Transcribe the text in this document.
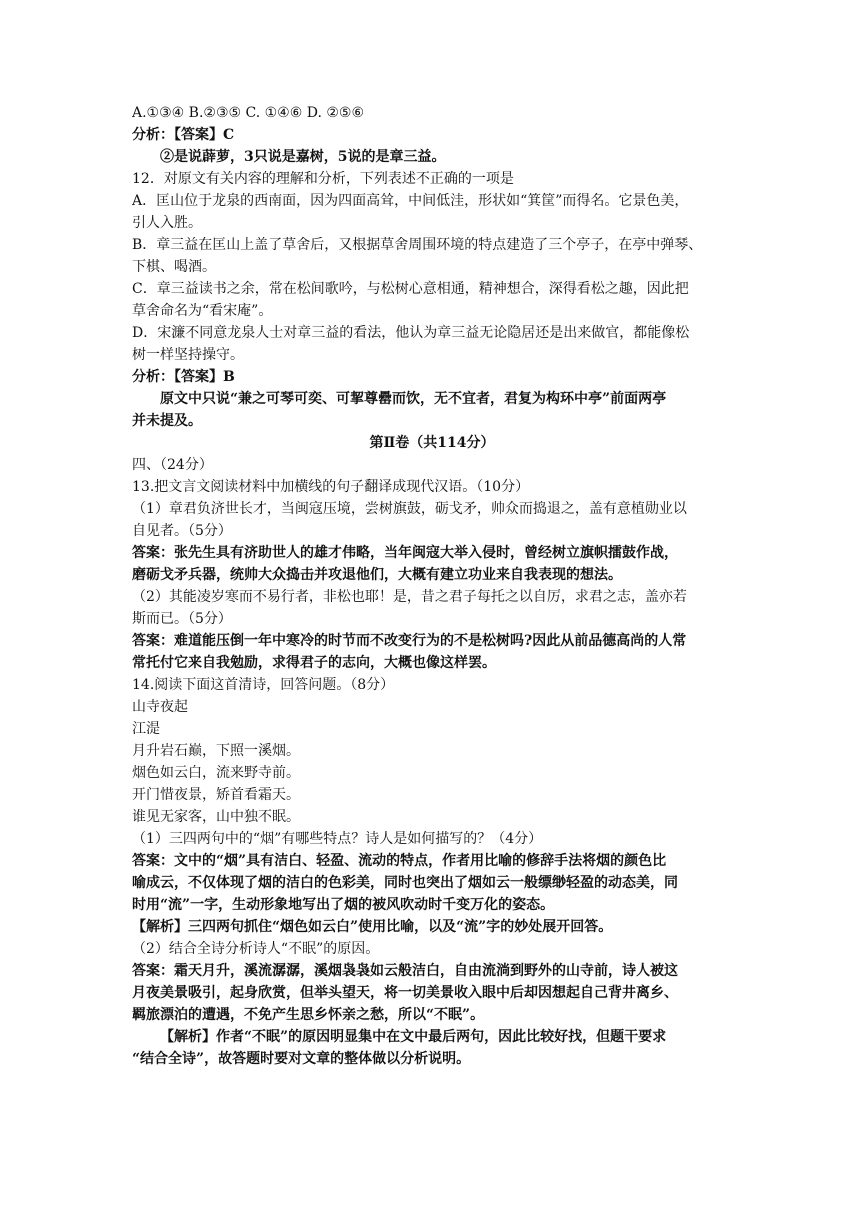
A.①③④ B.②③⑤ C. ①④⑥ D. ②⑤⑥
分析：【答案】C
②是说薜萝，3只说是嘉树，5说的是章三益。
12．对原文有关内容的理解和分析，下列表述不正确的一项是
A．匡山位于龙泉的西南面，因为四面高耸，中间低洼，形状如“箕筐”而得名。它景色美，
引人入胜。
B．章三益在匡山上盖了草舍后，又根据草舍周围环境的特点建造了三个亭子，在亭中弹琴、
下棋、喝酒。
C．章三益读书之余，常在松间歌吟，与松树心意相通，精神想合，深得看松之趣，因此把
草舍命名为“看宋庵”。
D．宋濂不同意龙泉人士对章三益的看法，他认为章三益无论隐居还是出来做官，都能像松
树一样坚持操守。
分析：【答案】B
原文中只说“兼之可琴可奕、可挈尊罍而饮，无不宜者，君复为构环中亭”前面两亭
并未提及。
第Ⅱ卷（共114分）
四、（24分）
13.把文言文阅读材料中加横线的句子翻译成现代汉语。（10分）
（1）章君负济世长才，当闽寇压境，尝树旗鼓，砺戈矛，帅众而捣退之，盖有意植勋业以
自见者。（5分）
答案：张先生具有济助世人的雄才伟略，当年闽寇大举入侵时，曾经树立旗帜擂鼓作战，
磨砺戈矛兵器，统帅大众捣击并攻退他们，大概有建立功业来自我表现的想法。
（2）其能凌岁寒而不易行者，非松也耶！是，昔之君子每托之以自厉，求君之志，盖亦若
斯而已。（5分）
答案：难道能压倒一年中寒冷的时节而不改变行为的不是松树吗?因此从前品德高尚的人常
常托付它来自我勉励，求得君子的志向，大概也像这样罢。
14.阅读下面这首清诗，回答问题。（8分）
山寺夜起
江湜
月升岩石巅，下照一溪烟。
烟色如云白，流来野寺前。
开门惜夜景，矫首看霜天。
谁见无家客，山中独不眠。
（1）三四两句中的“烟”有哪些特点？诗人是如何描写的？（4分）
答案：文中的“烟”具有洁白、轻盈、流动的特点，作者用比喻的修辞手法将烟的颜色比
喻成云，不仅体现了烟的洁白的色彩美，同时也突出了烟如云一般缥缈轻盈的动态美，同
时用“流”一字，生动形象地写出了烟的被风吹动时千变万化的姿态。
【解析】三四两句抓住“烟色如云白”使用比喻，以及“流”字的妙处展开回答。
（2）结合全诗分析诗人“不眠”的原因。
答案：霜天月升，溪流潺潺，溪烟袅袅如云般洁白，自由流淌到野外的山寺前，诗人被这
月夜美景吸引，起身欣赏，但举头望天，将一切美景收入眼中后却因想起自己背井离乡、
羁旅漂泊的遭遇，不免产生思乡怀亲之愁，所以“不眠”。
【解析】作者“不眠”的原因明显集中在文中最后两句，因此比较好找，但题干要求
“结合全诗”，故答题时要对文章的整体做以分析说明。
